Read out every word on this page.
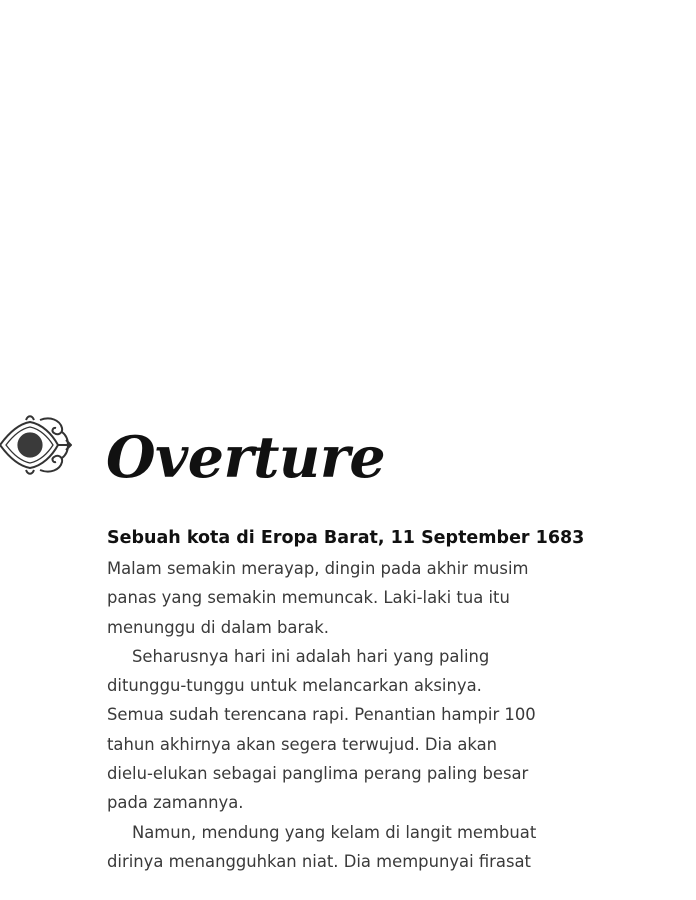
10
Overture
Sebuah kota di Eropa Barat, 11 September 1683
Malam semakin merayap, dingin pada akhir musim
panas yang semakin memuncak. Laki-laki tua itu
menunggu di dalam barak.
Seharusnya hari ini adalah hari yang paling
ditunggu-tunggu untuk melancarkan aksinya.
Semua sudah terencana rapi. Penantian hampir 100
tahun akhirnya akan segera terwujud. Dia akan
dielu-elukan sebagai panglima perang paling besar
pada zamannya.
Namun, mendung yang kelam di langit membuat
dirinya menangguhkan niat. Dia mempunyai firasat
